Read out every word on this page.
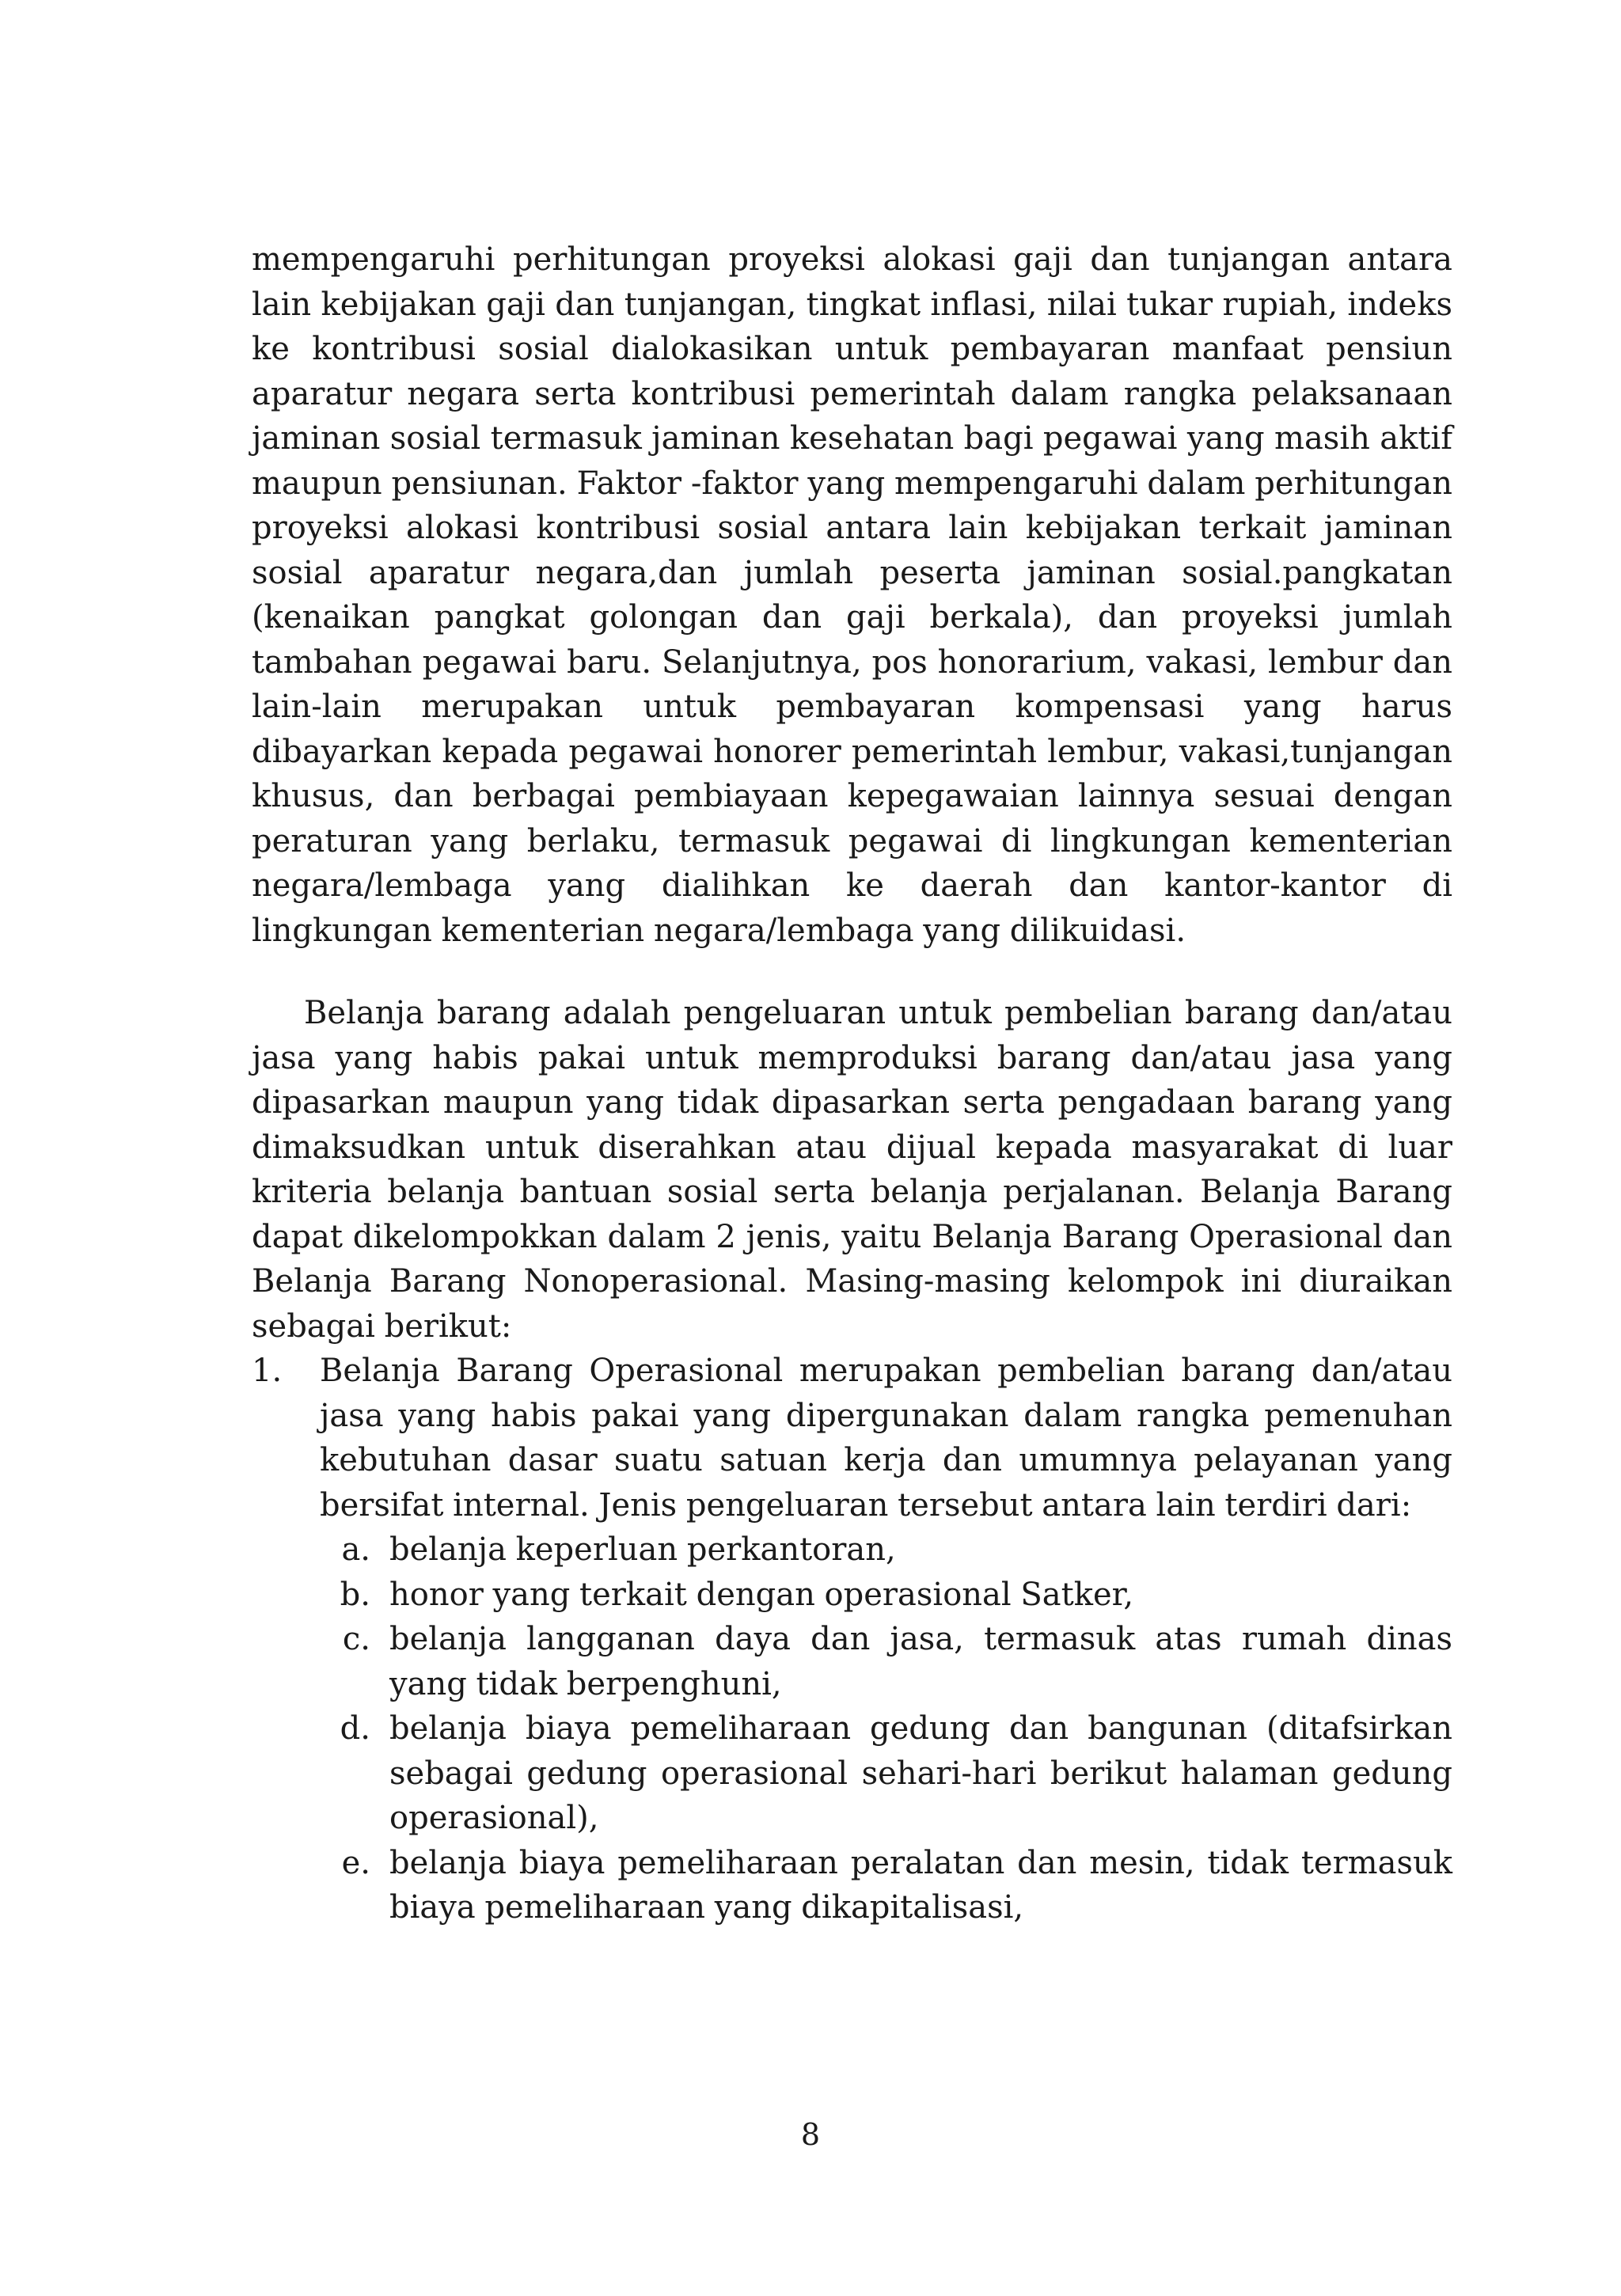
mempengaruhi perhitungan proyeksi alokasi gaji dan tunjangan antara lain kebijakan gaji dan tunjangan, tingkat inflasi, nilai tukar rupiah, indeks ke kontribusi sosial dialokasikan untuk pembayaran manfaat pensiun aparatur negara serta kontribusi pemerintah dalam rangka pelaksanaan jaminan sosial termasuk jaminan kesehatan bagi pegawai yang masih aktif maupun pensiunan. Faktor -faktor yang mempengaruhi dalam perhitungan proyeksi alokasi kontribusi sosial antara lain kebijakan terkait jaminan sosial aparatur negara,dan jumlah peserta jaminan sosial.pangkatan (kenaikan pangkat golongan dan gaji berkala), dan proyeksi jumlah tambahan pegawai baru. Selanjutnya, pos honorarium, vakasi, lembur dan lain-lain merupakan untuk pembayaran kompensasi yang harus dibayarkan kepada pegawai honorer pemerintah lembur, vakasi,tunjangan khusus, dan berbagai pembiayaan kepegawaian lainnya sesuai dengan peraturan yang berlaku, termasuk pegawai di lingkungan kementerian negara/lembaga yang dialihkan ke daerah dan kantor-kantor di lingkungan kementerian negara/lembaga yang dilikuidasi.

Belanja barang adalah pengeluaran untuk pembelian barang dan/atau jasa yang habis pakai untuk memproduksi barang dan/atau jasa yang dipasarkan maupun yang tidak dipasarkan serta pengadaan barang yang dimaksudkan untuk diserahkan atau dijual kepada masyarakat di luar kriteria belanja bantuan sosial serta belanja perjalanan. Belanja Barang dapat dikelompokkan dalam 2 jenis, yaitu Belanja Barang Operasional dan Belanja Barang Nonoperasional. Masing-masing kelompok ini diuraikan sebagai berikut:

1. Belanja Barang Operasional merupakan pembelian barang dan/atau jasa yang habis pakai yang dipergunakan dalam rangka pemenuhan kebutuhan dasar suatu satuan kerja dan umumnya pelayanan yang bersifat internal. Jenis pengeluaran tersebut antara lain terdiri dari:

a. belanja keperluan perkantoran,

b. honor yang terkait dengan operasional Satker,

c. belanja langganan daya dan jasa, termasuk atas rumah dinas yang tidak berpenghuni,

d. belanja biaya pemeliharaan gedung dan bangunan (ditafsirkan sebagai gedung operasional sehari-hari berikut halaman gedung operasional),

e. belanja biaya pemeliharaan peralatan dan mesin, tidak termasuk biaya pemeliharaan yang dikapitalisasi,

8
